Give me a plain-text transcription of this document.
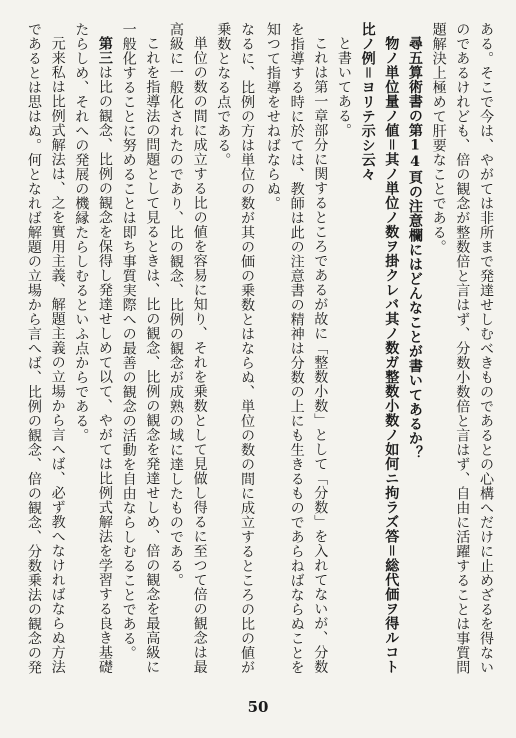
ある。そこで今は、やがては非所まで発達せしむべきものであるとの心構へだけに止めざるを得ないのであるけれども、倍の観念が整数倍と言はず、分数小数倍と言はず、自由に活躍することは事質問題解決上極めて肝要なことである。
尋五算術書の第14頁の注意欄にはどんなことが書いてあるか？
物ノ単位量ノ値＝其ノ単位ノ数ヲ掛クレバ其ノ数ガ整数小数ノ如何ニ拘ラズ答＝総代価ヲ得ルコト比ノ例＝ヨリテ示シ云々
と書いてある。
これは第一章部分に関するところであるが故に「整数小数」として「分数」を入れてないが、分数を指導する時に於ては、教師は此の注意書の精神は分数の上にも生きるものであらねばならぬことを知つて指導をせねばならぬ。
なるに、比例の方は単位の数が其の価の乗数とはならぬ、単位の数の間に成立するところの比の値が乗数となる点である。
単位の数の間に成立する比の値を容易に知り、それを乗数として見做し得るに至つて倍の観念は最高級に一般化されたのであり、比の観念、比例の観念が成熟の域に達したものである。
これを指導法の問題として見るときは、比の観念、比例の観念を発達せしめ、倍の観念を最高級に一般化することに努めることは即ち事質実際への最善の観念の活動を自由ならしむることである。
第三は比の観念、比例の観念を保得し発達せしめて以て、やがては比例式解法を学習する良き基礎たらしめ、それへの発展の機縁たらしむるといふ点からである。
元来私は比例式解法は、之を實用主義、解題主義の立場から言へば、必ず教へなければならぬ方法であるとは思はぬ。何となれば解題の立場から言へば、比例の観念、倍の観念、分数乗法の観念の発
50
